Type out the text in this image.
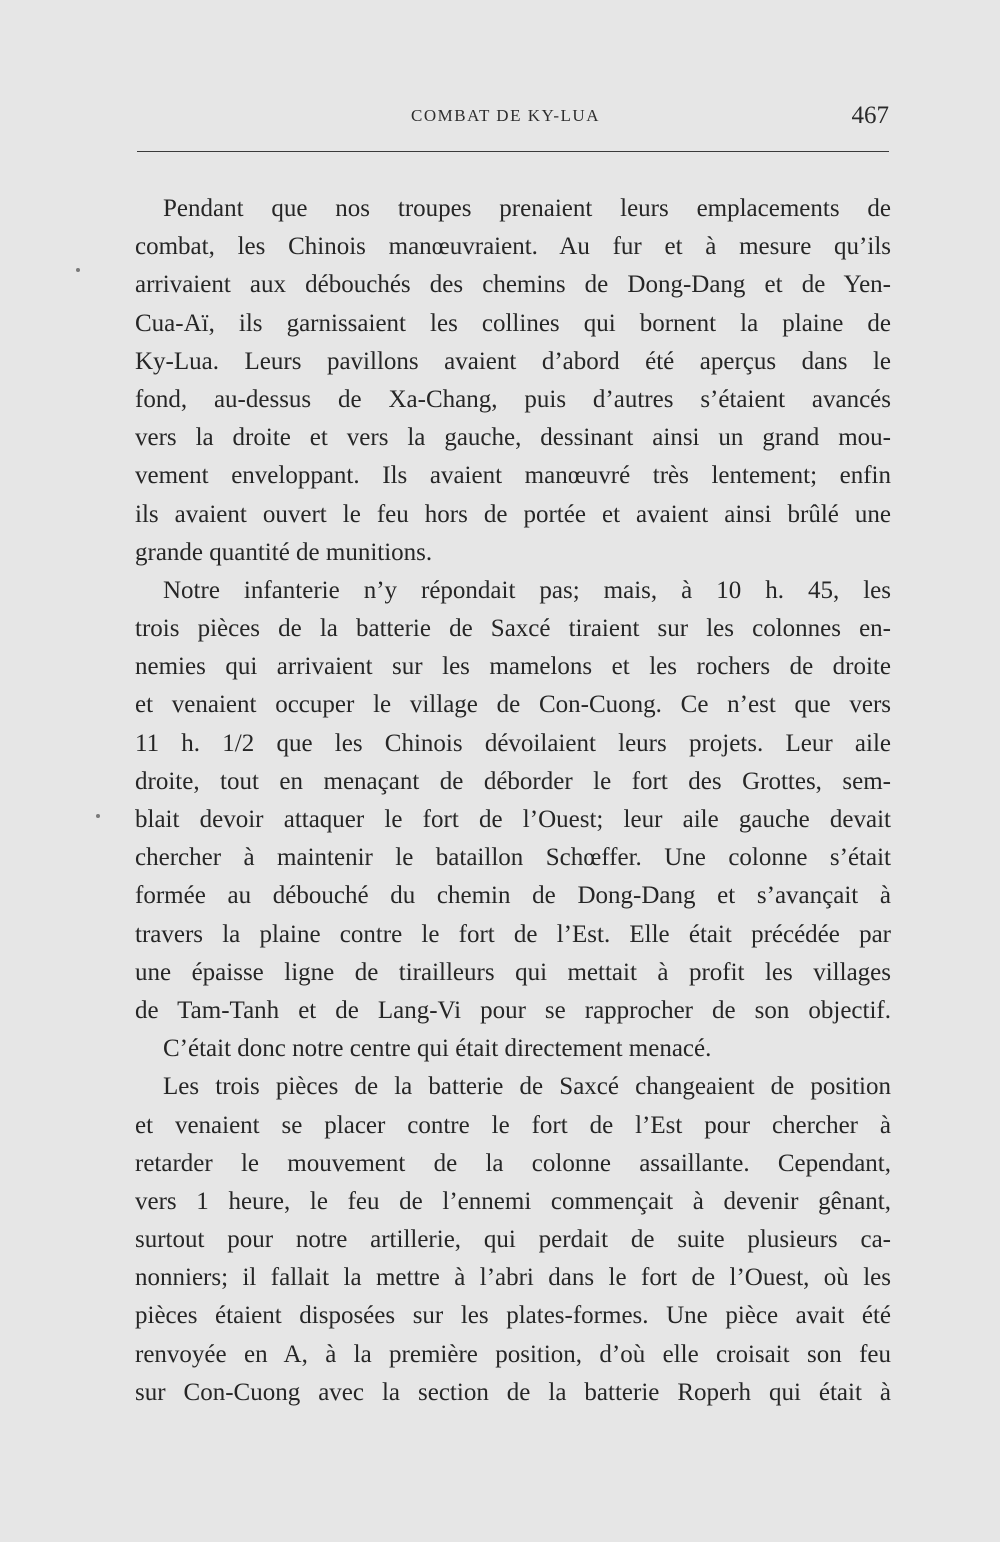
COMBAT DE KY-LUA	467
Pendant que nos troupes prenaient leurs emplacements de
combat, les Chinois manœuvraient. Au fur et à mesure qu’ils
arrivaient aux débouchés des chemins de Dong-Dang et de Yen-
Cua-Aï, ils garnissaient les collines qui bornent la plaine de
Ky-Lua. Leurs pavillons avaient d’abord été aperçus dans le
fond, au-dessus de Xa-Chang, puis d’autres s’étaient avancés
vers la droite et vers la gauche, dessinant ainsi un grand mou-
vement enveloppant. Ils avaient manœuvré très lentement; enfin
ils avaient ouvert le feu hors de portée et avaient ainsi brûlé une
grande quantité de munitions.
Notre infanterie n’y répondait pas; mais, à 10 h. 45, les
trois pièces de la batterie de Saxcé tiraient sur les colonnes en-
nemies qui arrivaient sur les mamelons et les rochers de droite
et venaient occuper le village de Con-Cuong. Ce n’est que vers
11 h. 1/2 que les Chinois dévoilaient leurs projets. Leur aile
droite, tout en menaçant de déborder le fort des Grottes, sem-
blait devoir attaquer le fort de l’Ouest; leur aile gauche devait
chercher à maintenir le bataillon Schœffer. Une colonne s’était
formée au débouché du chemin de Dong-Dang et s’avançait à
travers la plaine contre le fort de l’Est. Elle était précédée par
une épaisse ligne de tirailleurs qui mettait à profit les villages
de Tam-Tanh et de Lang-Vi pour se rapprocher de son objectif.
C’était donc notre centre qui était directement menacé.
Les trois pièces de la batterie de Saxcé changeaient de position
et venaient se placer contre le fort de l’Est pour chercher à
retarder le mouvement de la colonne assaillante. Cependant,
vers 1 heure, le feu de l’ennemi commençait à devenir gênant,
surtout pour notre artillerie, qui perdait de suite plusieurs ca-
nonniers; il fallait la mettre à l’abri dans le fort de l’Ouest, où les
pièces étaient disposées sur les plates-formes. Une pièce avait été
renvoyée en A, à la première position, d’où elle croisait son feu
sur Con-Cuong avec la section de la batterie Roperh qui était à
